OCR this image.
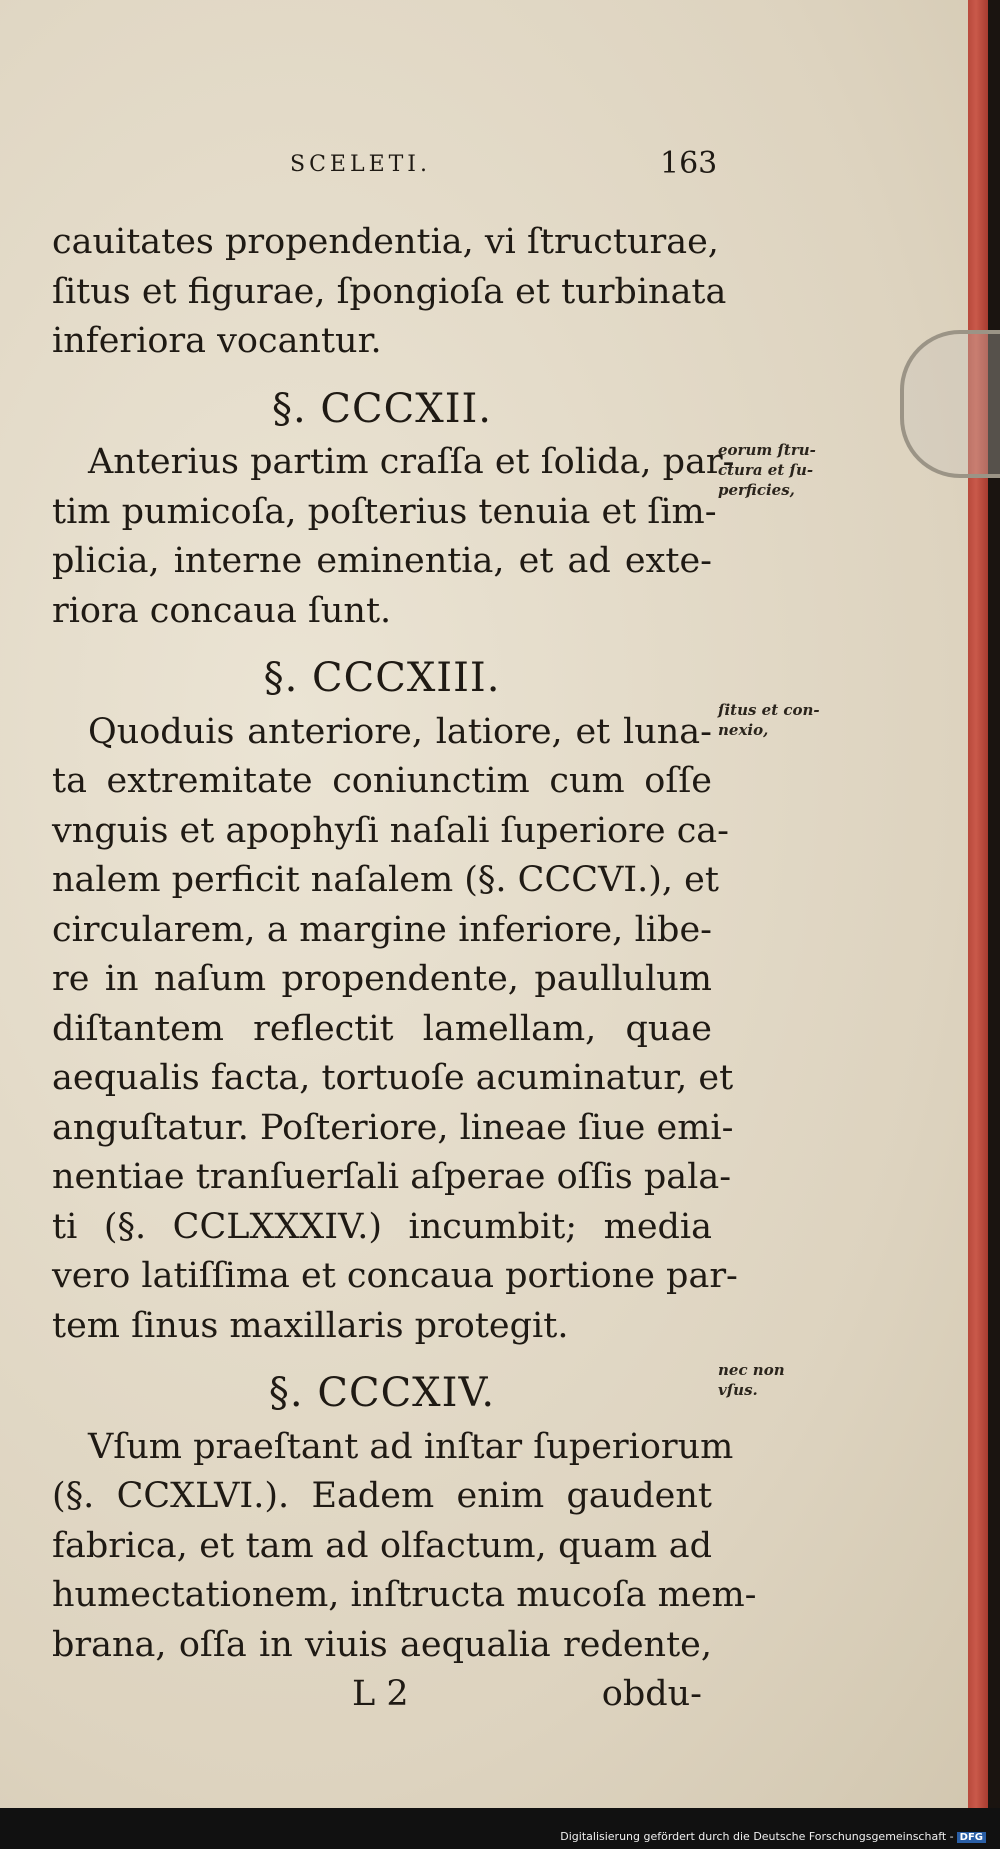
SCELETI.	163
cauitates propendentia, vi ſtructurae,
ſitus et figurae, ſpongioſa et turbinata
inferiora vocantur.
§. CCCXII.
Anterius partim craſſa et ſolida, par-
tim pumicoſa, poſterius tenuia et ſim-
plicia, interne eminentia, et ad exte-
riora concaua ſunt.
§. CCCXIII.
Quoduis anteriore, latiore, et luna-
ta extremitate coniunctim cum oſſe
vnguis et apophyſi naſali ſuperiore ca-
nalem perficit naſalem (§. CCCVI.), et
circularem, a margine inferiore, libe-
re in naſum propendente, paullulum
diſtantem reflectit lamellam, quae
aequalis facta, tortuoſe acuminatur, et
anguſtatur. Poſteriore, lineae ſiue emi-
nentiae tranſuerſali aſperae oſſis pala-
ti (§. CCLXXXIV.) incumbit; media
vero latiſſima et concaua portione par-
tem ſinus maxillaris protegit.
§. CCCXIV.
Vſum praeſtant ad inſtar ſuperiorum
(§. CCXLVI.). Eadem enim gaudent
fabrica, et tam ad olfactum, quam ad
humectationem, inſtructa mucoſa mem-
brana, oſſa in viuis aequalia redente,
L 2	obdu-
eorum ſtru-
ctura et ſu-
perficies,
ſitus et con-
nexio,
nec non
vſus.
Digitalisierung gefördert durch die Deutsche Forschungsgemeinschaft - DFG
